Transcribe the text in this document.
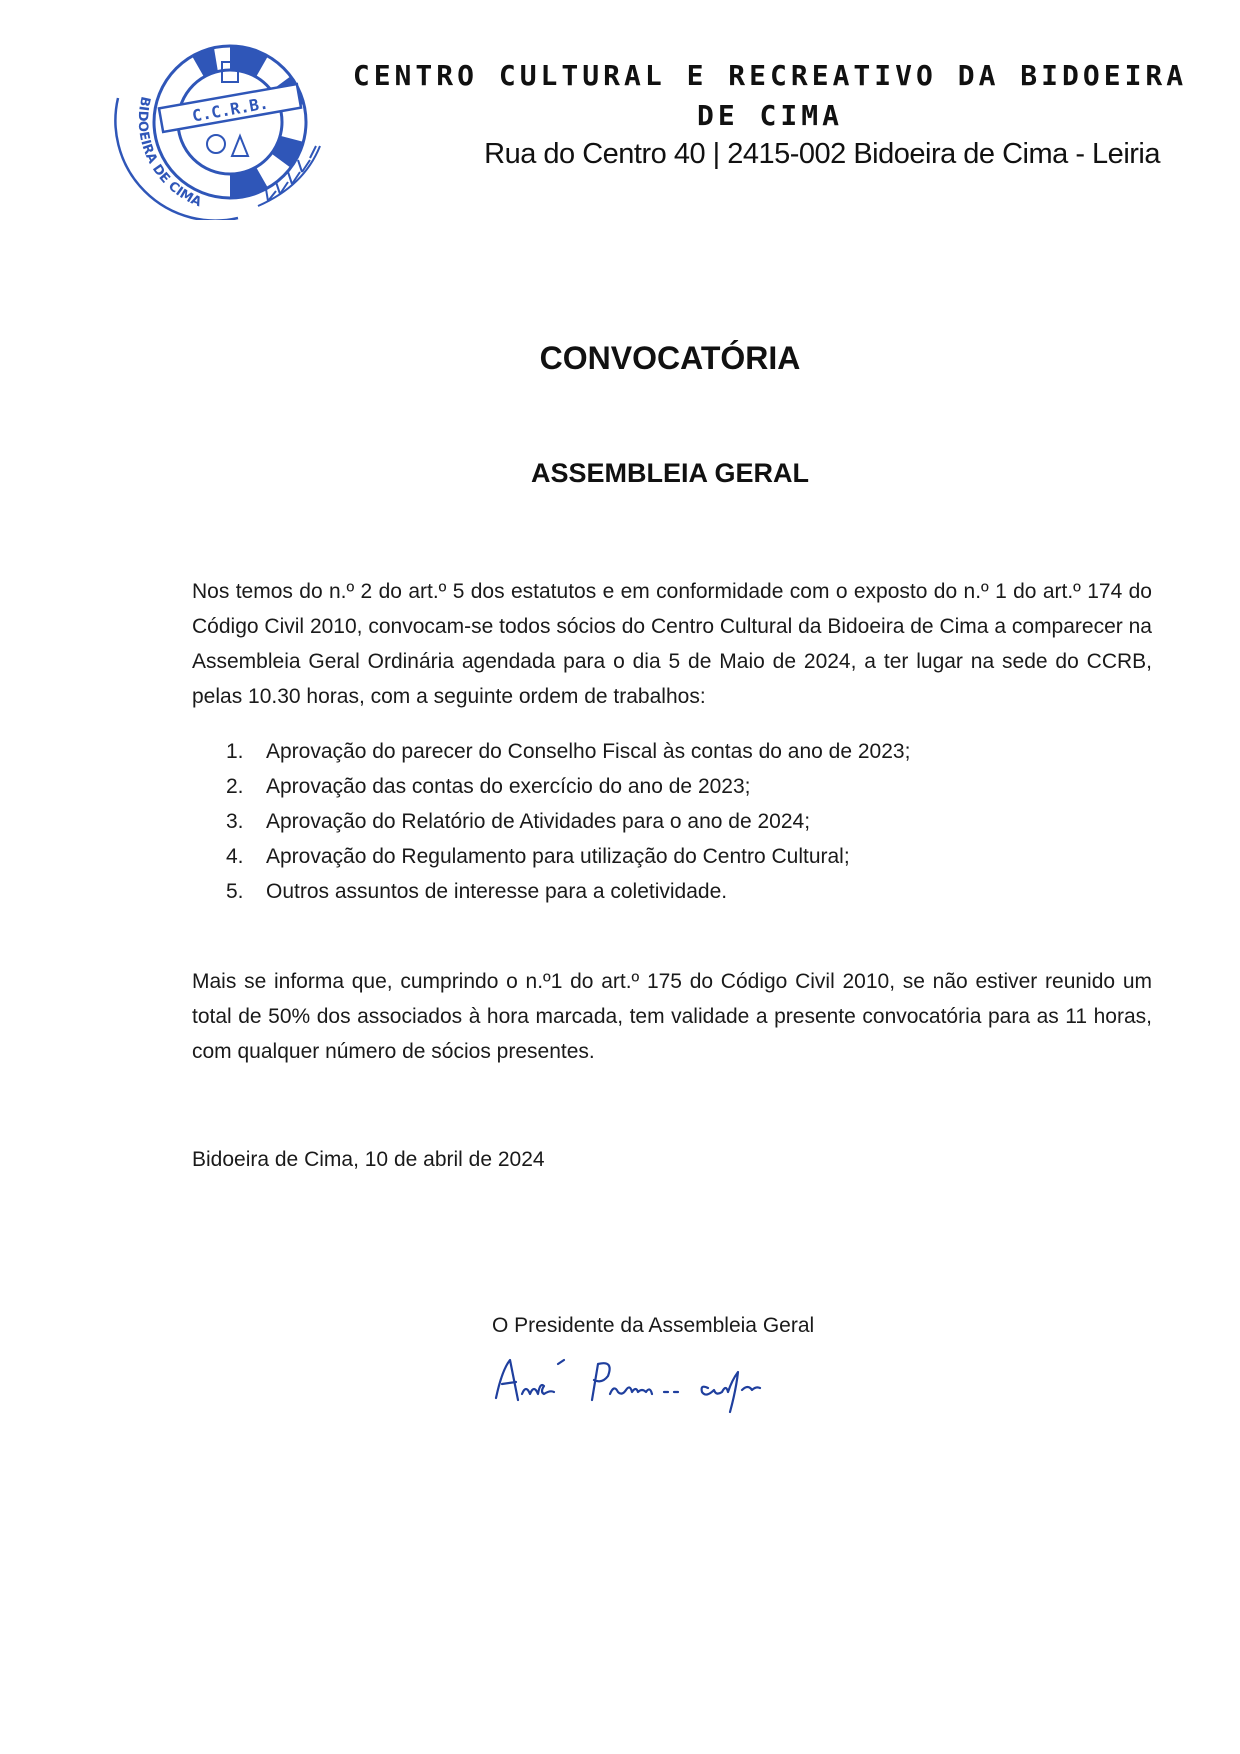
C.C.R.B.
BIDOEIRA DE CIMA
CENTRO CULTURAL E RECREATIVO DA BIDOEIRA DE CIMA
Rua do Centro 40 | 2415-002 Bidoeira de Cima - Leiria
CONVOCATÓRIA
ASSEMBLEIA GERAL
Nos temos do n.º 2 do art.º 5 dos estatutos e em conformidade com o exposto do n.º 1 do art.º 174 do Código Civil 2010, convocam-se todos sócios do Centro Cultural da Bidoeira de Cima a comparecer na Assembleia Geral Ordinária agendada para o dia 5 de Maio de 2024, a ter lugar na sede do CCRB, pelas 10.30 horas, com a seguinte ordem de trabalhos:
1.	Aprovação do parecer do Conselho Fiscal às contas do ano de 2023;
2.	Aprovação das contas do exercício do ano de 2023;
3.	Aprovação do Relatório de Atividades para o ano de 2024;
4.	Aprovação do Regulamento para utilização do Centro Cultural;
5.	Outros assuntos de interesse para a coletividade.
Mais se informa que, cumprindo o n.º1 do art.º 175 do Código Civil 2010, se não estiver reunido um total de 50% dos associados à hora marcada, tem validade a presente convocatória para as 11 horas, com qualquer número de sócios presentes.
Bidoeira de Cima, 10 de abril de 2024
O Presidente da Assembleia Geral
